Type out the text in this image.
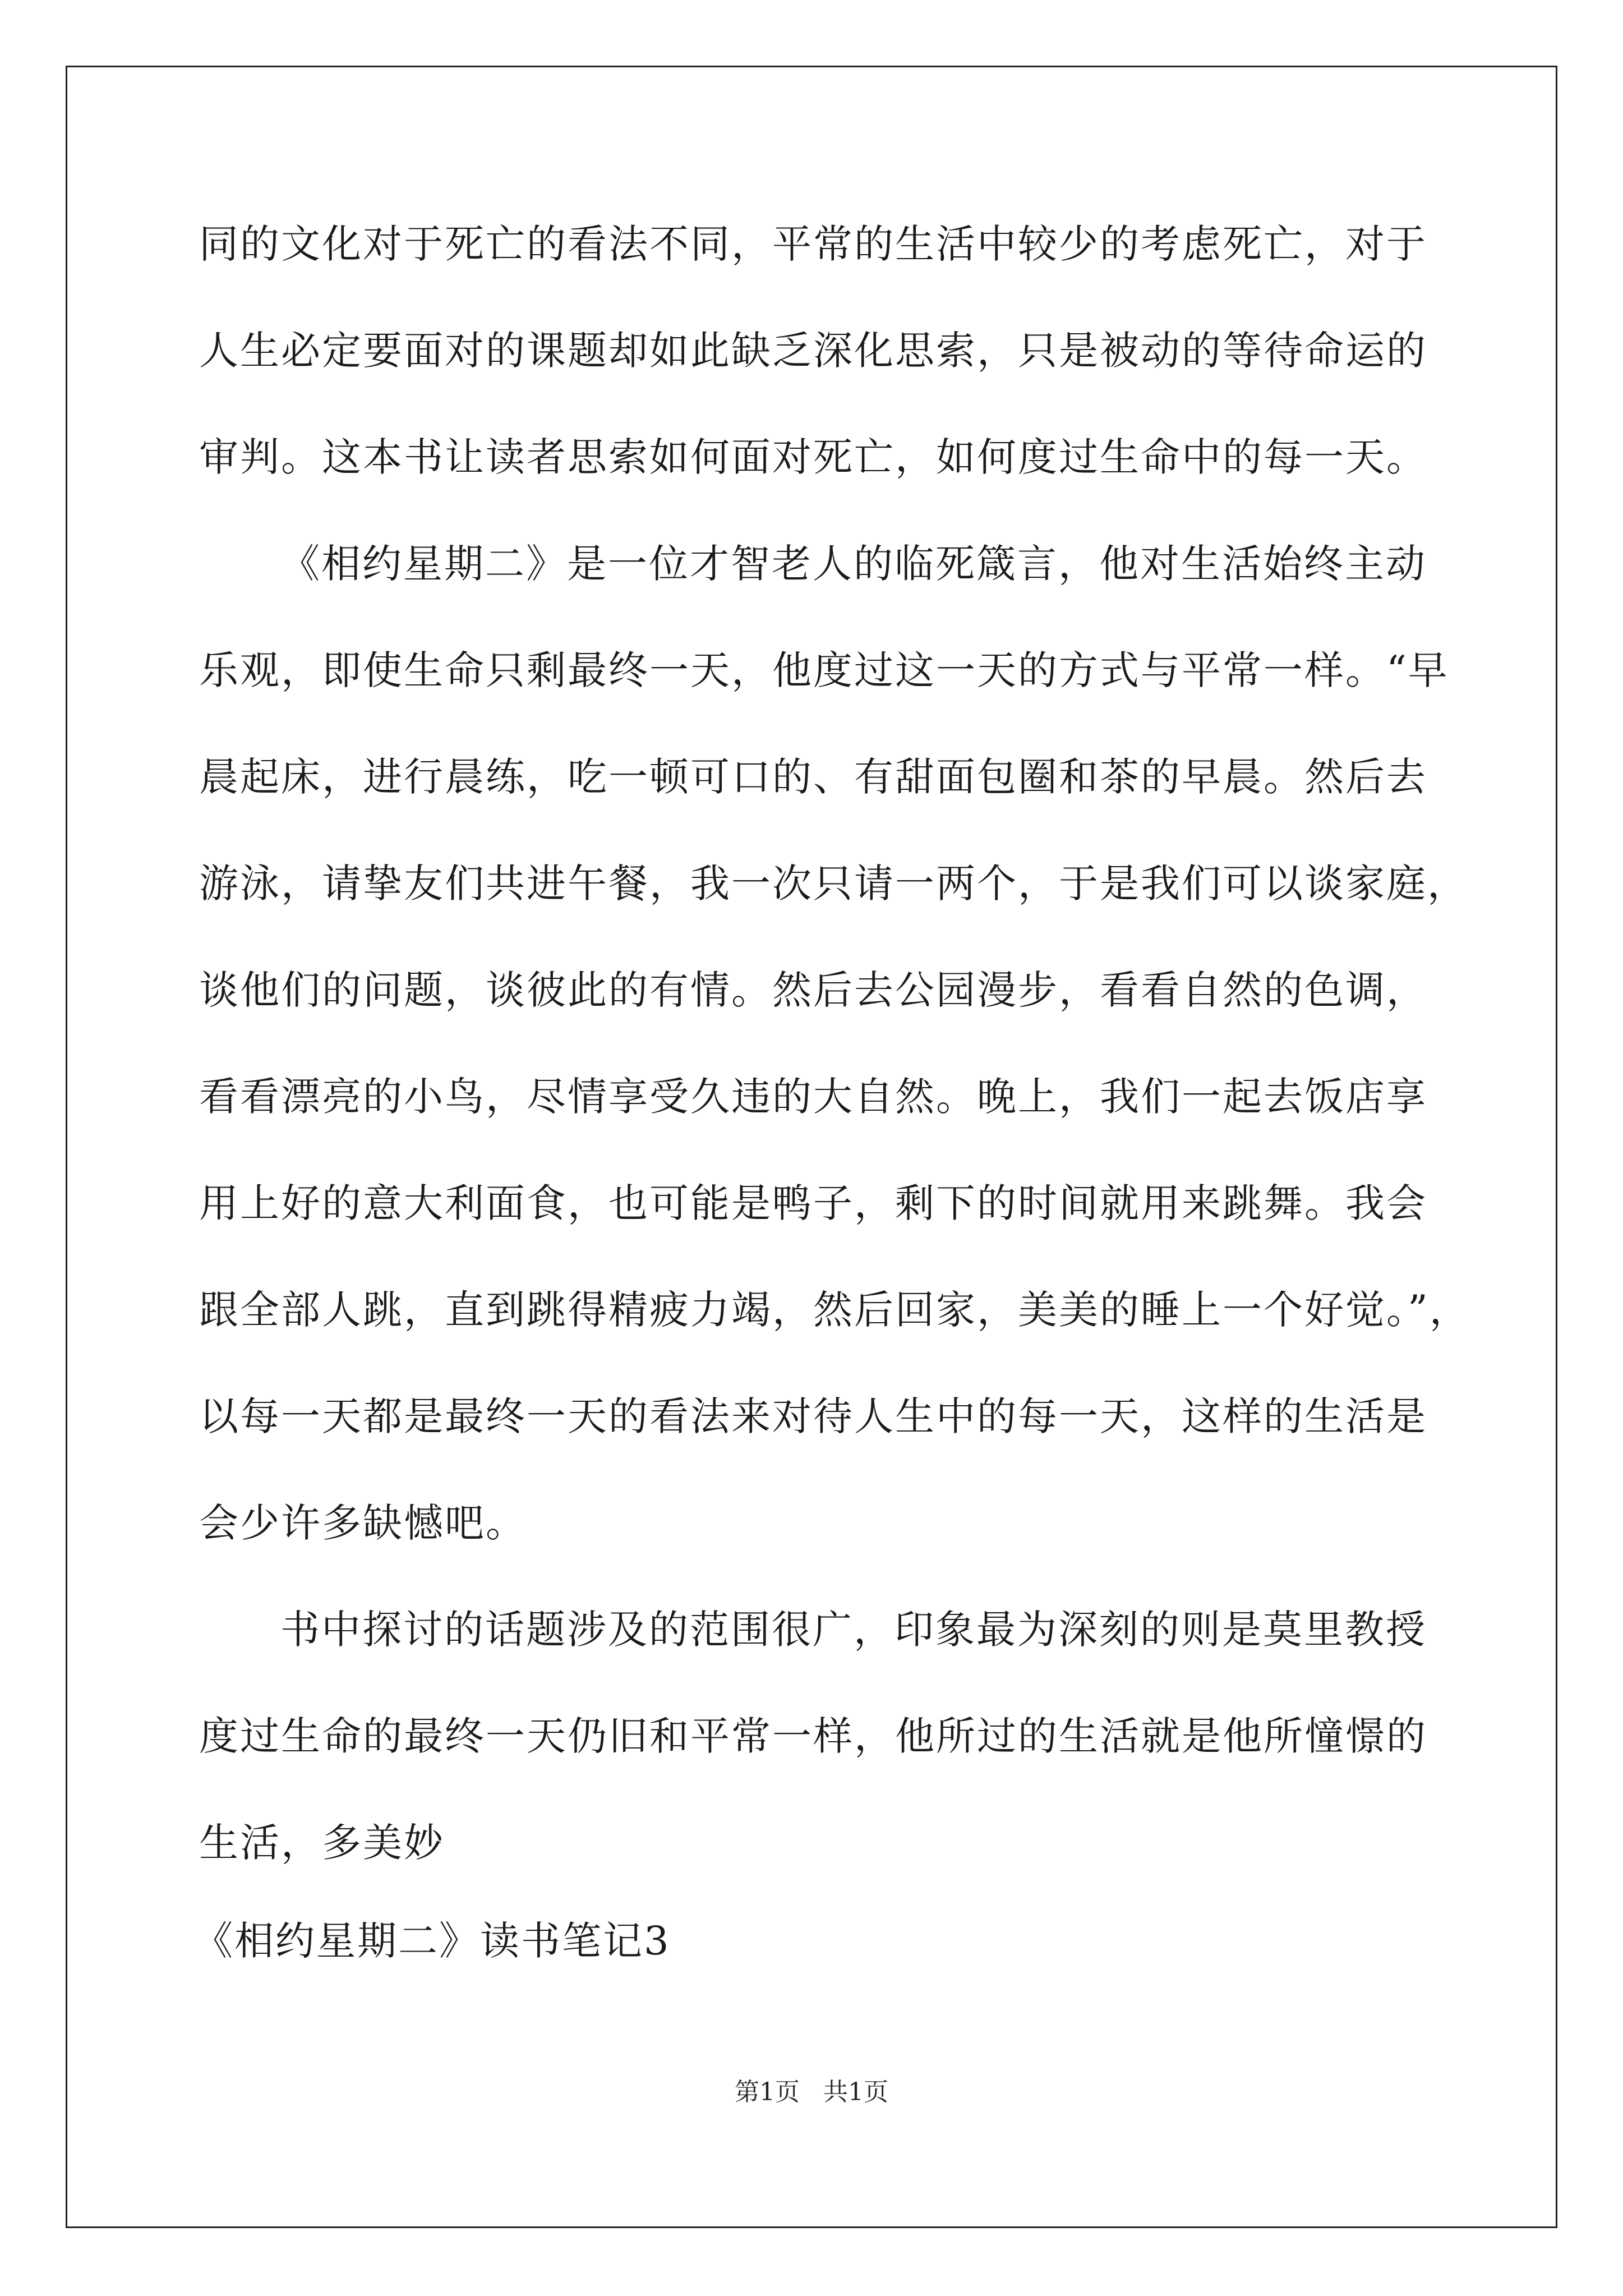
同的文化对于死亡的看法不同，平常的生活中较少的考虑死亡，对于
人生必定要面对的课题却如此缺乏深化思索，只是被动的等待命运的
审判。这本书让读者思索如何面对死亡，如何度过生命中的每一天。
《相约星期二》是一位才智老人的临死箴言，他对生活始终主动
乐观，即使生命只剩最终一天，他度过这一天的方式与平常一样。“早
晨起床，进行晨练，吃一顿可口的、有甜面包圈和茶的早晨。然后去
游泳，请挚友们共进午餐，我一次只请一两个，于是我们可以谈家庭，
谈他们的问题，谈彼此的有情。然后去公园漫步，看看自然的色调，
看看漂亮的小鸟，尽情享受久违的大自然。晚上，我们一起去饭店享
用上好的意大利面食，也可能是鸭子，剩下的时间就用来跳舞。我会
跟全部人跳，直到跳得精疲力竭，然后回家，美美的睡上一个好觉。”，
以每一天都是最终一天的看法来对待人生中的每一天，这样的生活是
会少许多缺憾吧。
书中探讨的话题涉及的范围很广，印象最为深刻的则是莫里教授
度过生命的最终一天仍旧和平常一样，他所过的生活就是他所憧憬的
生活，多美妙
《相约星期二》读书笔记3
第1页 共1页
